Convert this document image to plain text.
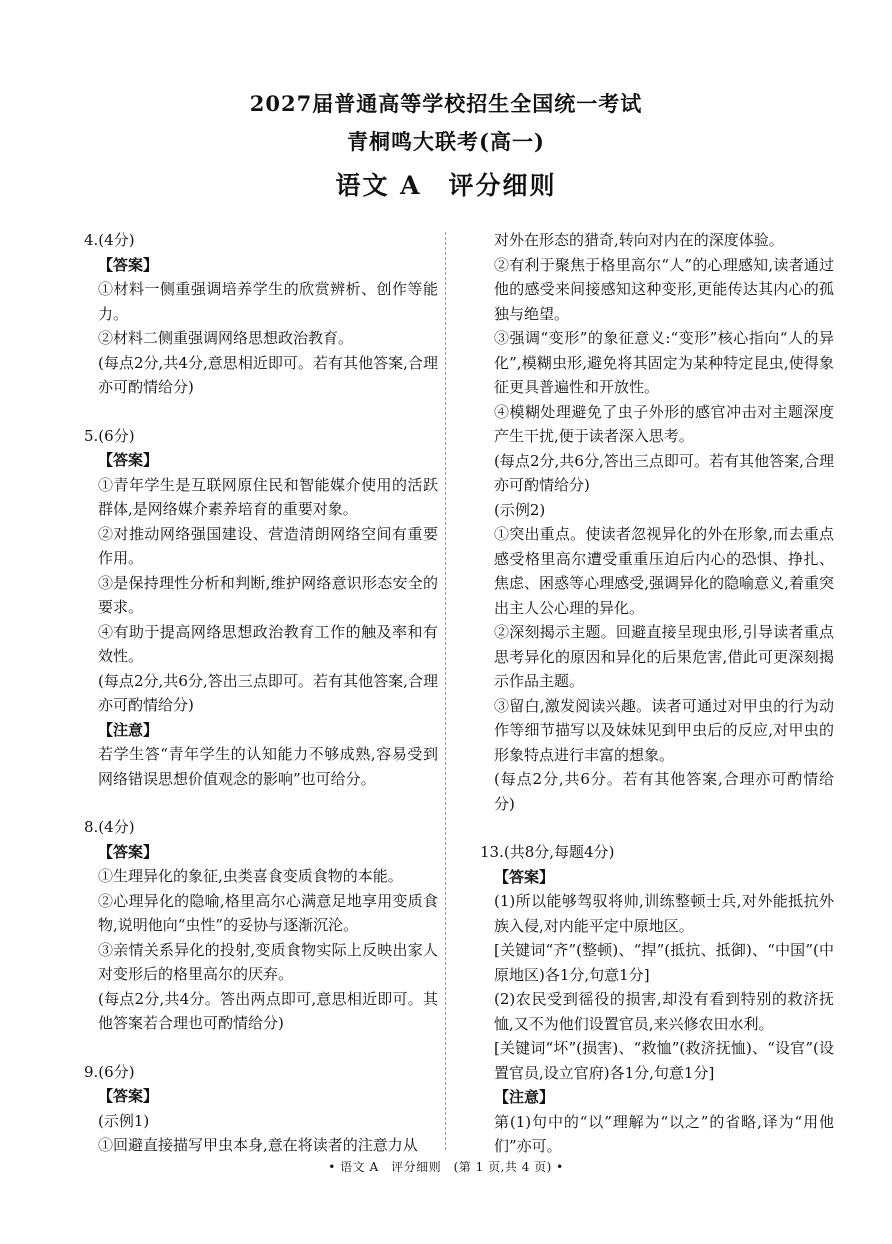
2027届普通高等学校招生全国统一考试
青桐鸣大联考(高一)
语文 A　评分细则
4.(4分)
【答案】
①材料一侧重强调培养学生的欣赏辨析、创作等能力。
②材料二侧重强调网络思想政治教育。
(每点2分,共4分,意思相近即可。若有其他答案,合理亦可酌情给分)
5.(6分)
【答案】
①青年学生是互联网原住民和智能媒介使用的活跃群体,是网络媒介素养培育的重要对象。
②对推动网络强国建设、营造清朗网络空间有重要作用。
③是保持理性分析和判断,维护网络意识形态安全的要求。
④有助于提高网络思想政治教育工作的触及率和有效性。
(每点2分,共6分,答出三点即可。若有其他答案,合理亦可酌情给分)
【注意】
若学生答“青年学生的认知能力不够成熟,容易受到网络错误思想价值观念的影响”也可给分。
8.(4分)
【答案】
①生理异化的象征,虫类喜食变质食物的本能。
②心理异化的隐喻,格里高尔心满意足地享用变质食物,说明他向“虫性”的妥协与逐渐沉沦。
③亲情关系异化的投射,变质食物实际上反映出家人对变形后的格里高尔的厌弃。
(每点2分,共4分。答出两点即可,意思相近即可。其他答案若合理也可酌情给分)
9.(6分)
【答案】
(示例1)
①回避直接描写甲虫本身,意在将读者的注意力从
对外在形态的猎奇,转向对内在的深度体验。
②有利于聚焦于格里高尔“人”的心理感知,读者通过他的感受来间接感知这种变形,更能传达其内心的孤独与绝望。
③强调“变形”的象征意义:“变形”核心指向“人的异化”,模糊虫形,避免将其固定为某种特定昆虫,使得象征更具普遍性和开放性。
④模糊处理避免了虫子外形的感官冲击对主题深度产生干扰,便于读者深入思考。
(每点2分,共6分,答出三点即可。若有其他答案,合理亦可酌情给分)
(示例2)
①突出重点。使读者忽视异化的外在形象,而去重点感受格里高尔遭受重重压迫后内心的恐惧、挣扎、焦虑、困惑等心理感受,强调异化的隐喻意义,着重突出主人公心理的异化。
②深刻揭示主题。回避直接呈现虫形,引导读者重点思考异化的原因和异化的后果危害,借此可更深刻揭示作品主题。
③留白,激发阅读兴趣。读者可通过对甲虫的行为动作等细节描写以及妹妹见到甲虫后的反应,对甲虫的形象特点进行丰富的想象。
(每点2分,共6分。若有其他答案,合理亦可酌情给分)
13.(共8分,每题4分)
【答案】
(1)所以能够驾驭将帅,训练整顿士兵,对外能抵抗外族入侵,对内能平定中原地区。
[关键词“齐”(整顿)、“捍”(抵抗、抵御)、“中国”(中原地区)各1分,句意1分]
(2)农民受到徭役的损害,却没有看到特别的救济抚恤,又不为他们设置官员,来兴修农田水利。
[关键词“坏”(损害)、“救恤”(救济抚恤)、“设官”(设置官员,设立官府)各1分,句意1分]
【注意】
第(1)句中的“以”理解为“以之”的省略,译为“用他们”亦可。
• 语文 A　评分细则　(第 1 页,共 4 页) •
